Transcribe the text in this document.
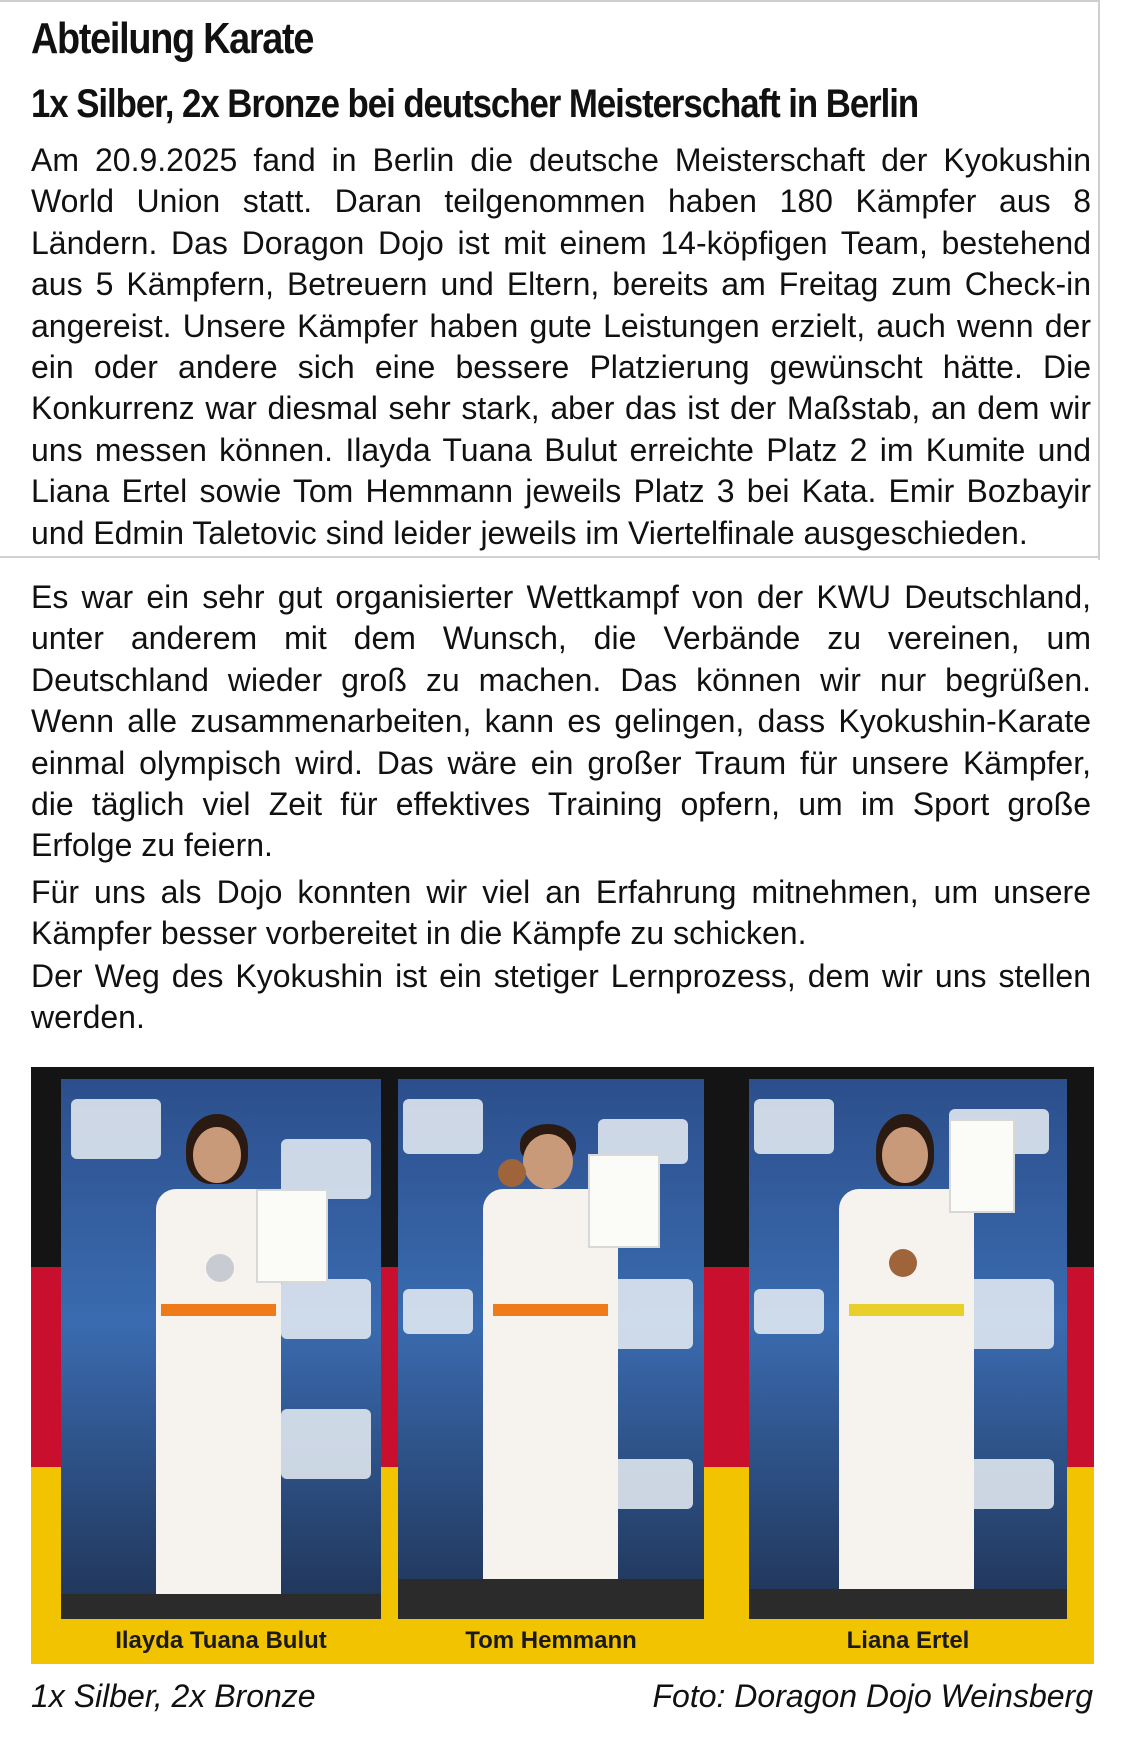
Abteilung Karate
1x Silber, 2x Bronze bei deutscher Meisterschaft in Berlin

Am 20.9.2025 fand in Berlin die deutsche Meisterschaft der Kyokushin World Union statt. Daran teilgenommen haben 180 Kämpfer aus 8 Ländern. Das Doragon Dojo ist mit einem 14-köpfigen Team, bestehend aus 5 Kämpfern, Betreuern und Eltern, bereits am Freitag zum Check-in angereist. Unsere Kämpfer haben gute Leistungen erzielt, auch wenn der ein oder andere sich eine bessere Platzierung gewünscht hätte. Die Konkurrenz war diesmal sehr stark, aber das ist der Maßstab, an dem wir uns messen können. Ilayda Tuana Bulut erreichte Platz 2 im Kumite und Liana Ertel sowie Tom Hemmann jeweils Platz 3 bei Kata. Emir Bozbayir und Edmin Taletovic sind leider jeweils im Viertelfinale ausgeschieden.

Es war ein sehr gut organisierter Wettkampf von der KWU Deutschland, unter anderem mit dem Wunsch, die Verbände zu vereinen, um Deutschland wieder groß zu machen. Das können wir nur begrüßen. Wenn alle zusammenarbeiten, kann es gelingen, dass Kyokushin-Karate einmal olympisch wird. Das wäre ein großer Traum für unsere Kämpfer, die täglich viel Zeit für effektives Training opfern, um im Sport große Erfolge zu feiern.

Für uns als Dojo konnten wir viel an Erfahrung mitnehmen, um unsere Kämpfer besser vorbereitet in die Kämpfe zu schicken.

Der Weg des Kyokushin ist ein stetiger Lernprozess, dem wir uns stellen werden.

Ilayda Tuana Bulut	Tom Hemmann	Liana Ertel
1x Silber, 2x Bronze	Foto: Doragon Dojo Weinsberg
